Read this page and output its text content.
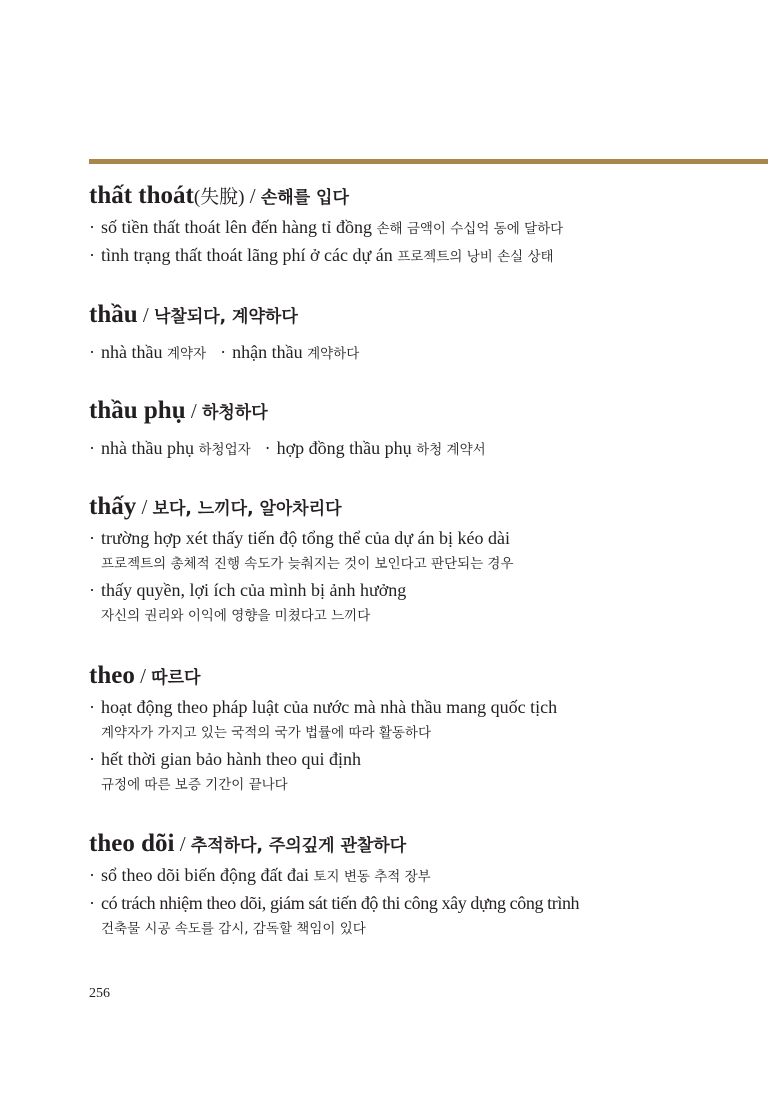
thất thoát(失脫) / 손해를 입다
· số tiền thất thoát lên đến hàng tỉ đồng 손해 금액이 수십억 동에 달하다
· tình trạng thất thoát lãng phí ở các dự án 프로젝트의 낭비 손실 상태
thầu / 낙찰되다, 계약하다
· nhà thầu 계약자 · nhận thầu 계약하다
thầu phụ / 하청하다
· nhà thầu phụ 하청업자 · hợp đồng thầu phụ 하청 계약서
thấy / 보다, 느끼다, 알아차리다
· trường hợp xét thấy tiến độ tổng thể của dự án bị kéo dài
프로젝트의 총체적 진행 속도가 늦춰지는 것이 보인다고 판단되는 경우
· thấy quyền, lợi ích của mình bị ảnh hưởng
자신의 권리와 이익에 영향을 미쳤다고 느끼다
theo / 따르다
· hoạt động theo pháp luật của nước mà nhà thầu mang quốc tịch
계약자가 가지고 있는 국적의 국가 법률에 따라 활동하다
· hết thời gian bảo hành theo qui định
규정에 따른 보증 기간이 끝나다
theo dõi / 추적하다, 주의깊게 관찰하다
· sổ theo dõi biến động đất đai 토지 변동 추적 장부
· có trách nhiệm theo dõi, giám sát tiến độ thi công xây dựng công trình
건축물 시공 속도를 감시, 감독할 책임이 있다
256
